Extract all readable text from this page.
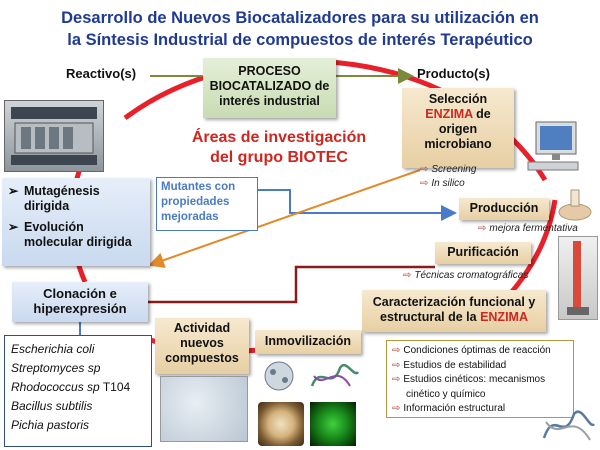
Desarrollo de Nuevos Biocatalizadores para su utilización en
la Síntesis Industrial de compuestos de interés Terapéutico
Reactivo(s)	Producto(s)
PROCESO
BIOCATALIZADO de
interés industrial
Áreas de investigación
del grupo BIOTEC
Selección
ENZIMA de
origen
microbiano
⇨ Screening
⇨ In silico
➢ Mutagénesis
dirigida
➢ Evolución
molecular dirigida
Mutantes con
propiedades
mejoradas
Producción
⇨ mejora fermentativa
Purificación
⇨ Técnicas cromatográficas
Clonación e
hiperexpresión	Caracterización funcional y
estructural de la ENZIMA
Actividad
nuevos
compuestos
Inmovilización
Escherichia coli
Streptomyces sp
Rhodococcus sp T104
Bacillus subtilis
Pichia pastoris
⇨ Condiciones óptimas de reacción
⇨ Estudios de estabilidad
⇨ Estudios cinéticos: mecanismos
cinético y químico
⇨ Información estructural
